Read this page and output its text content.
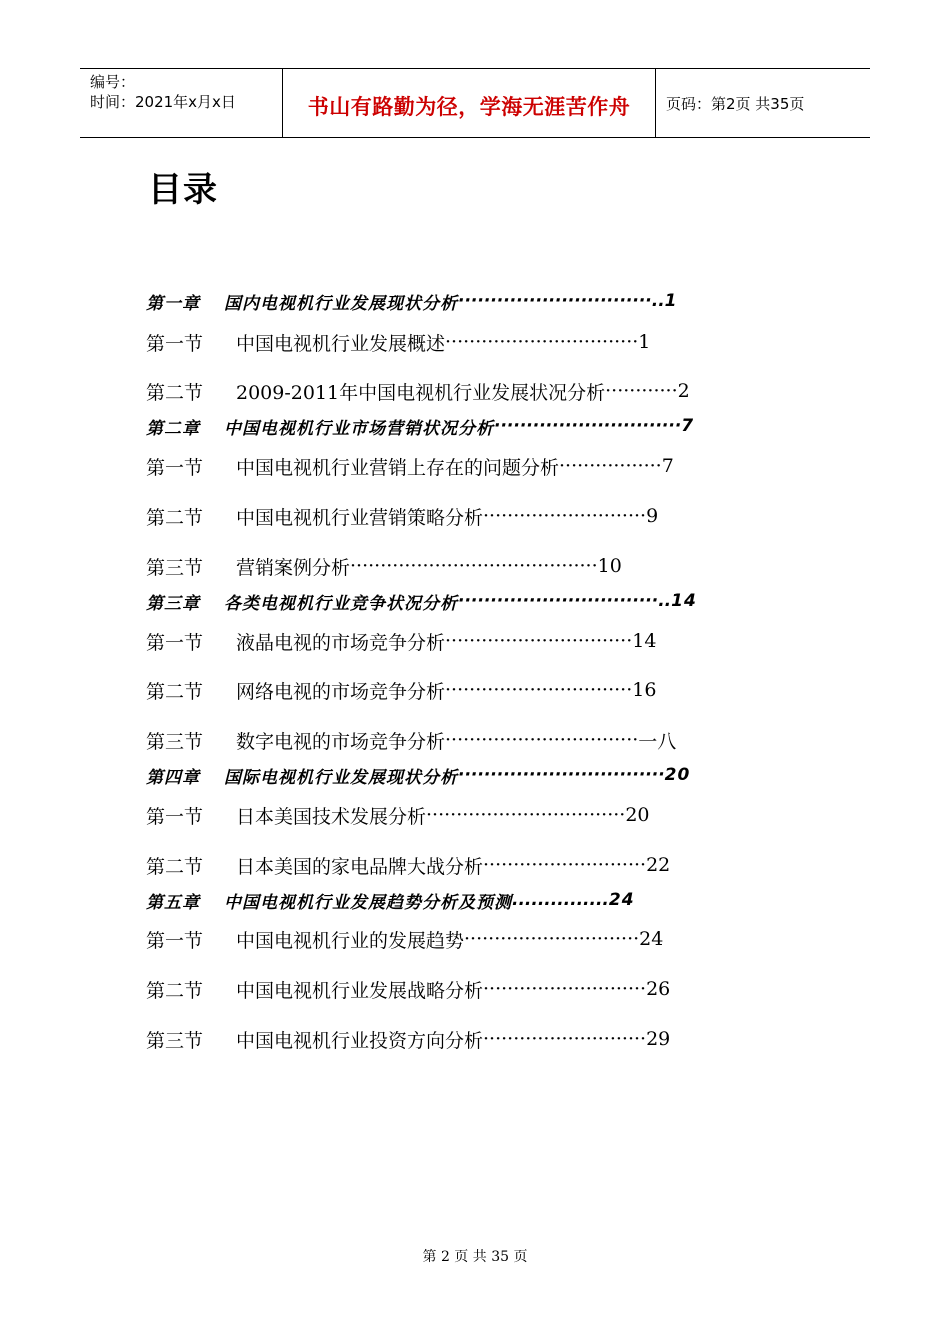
编号：
时间：2021年x月x日	书山有路勤为径，学海无涯苦作舟	页码：第2页 共35页
目录
第一章	国内电视机行业发展现状分析 ······························.. 1
第一节	中国电视机行业发展概述 ································ 1
第二节	2009-2011年中国电视机行业发展状况分析 ············ 2
第二章	中国电视机行业市场营销状况分析 ····························· 7
第一节	中国电视机行业营销上存在的问题分析 ················· 7
第二节	中国电视机行业营销策略分析 ··························· 9
第三节	营销案例分析 ········································· 10
第三章	各类电视机行业竞争状况分析 ·······························.. 14
第一节	液晶电视的市场竞争分析 ······························· 14
第二节	网络电视的市场竞争分析 ······························· 16
第三节	数字电视的市场竞争分析 ································ 一八
第四章	国际电视机行业发展现状分析 ································ 20
第一节	日本美国技术发展分析 ································· 20
第二节	日本美国的家电品牌大战分析 ··························· 22
第五章	中国电视机行业发展趋势分析及预测 ............... 24
第一节	中国电视机行业的发展趋势 ····························· 24
第二节	中国电视机行业发展战略分析 ··························· 26
第三节	中国电视机行业投资方向分析 ··························· 29
第 2 页 共 35 页
